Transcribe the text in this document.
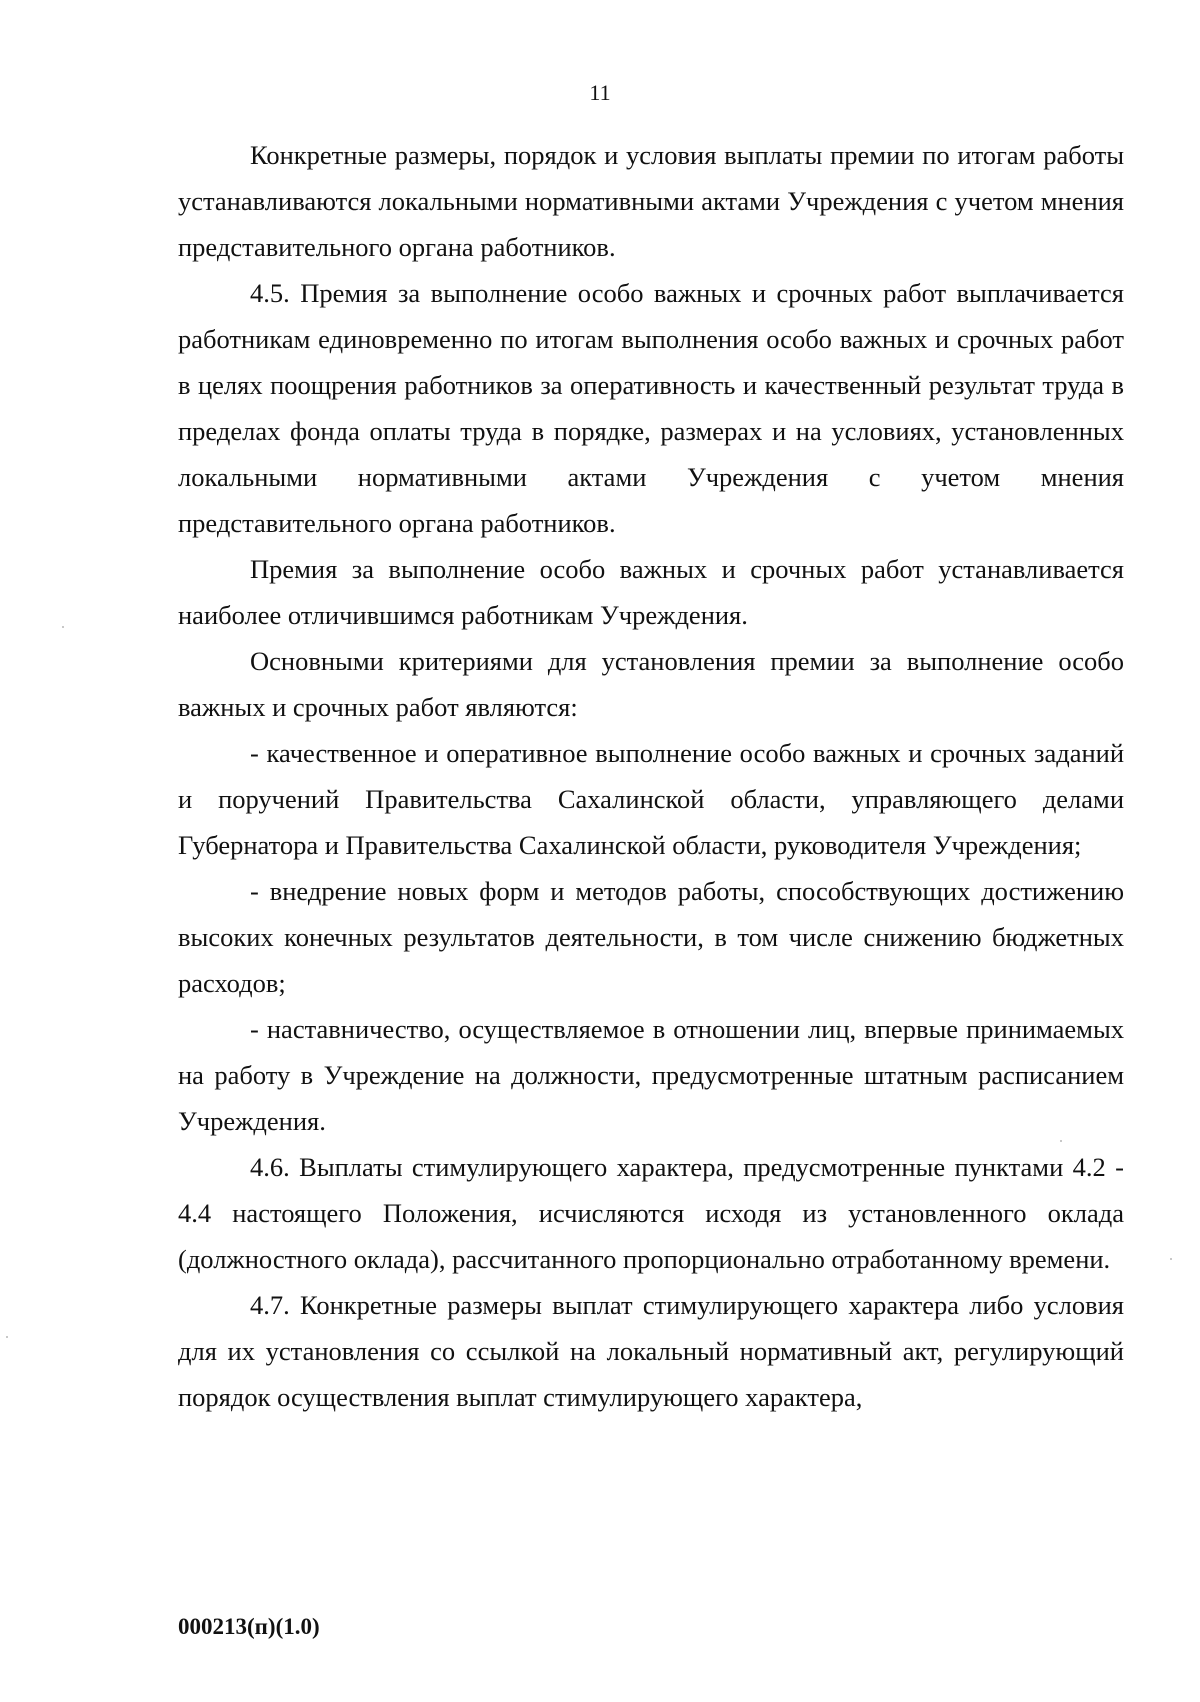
11

Конкретные размеры, порядок и условия выплаты премии по итогам работы устанавливаются локальными нормативными актами Учреждения с учетом мнения представительного органа работников.

4.5. Премия за выполнение особо важных и срочных работ выплачивается работникам единовременно по итогам выполнения особо важных и срочных работ в целях поощрения работников за оперативность и качественный результат труда в пределах фонда оплаты труда в порядке, размерах и на условиях, установленных локальными нормативными актами Учреждения с учетом мнения представительного органа работников.

Премия за выполнение особо важных и срочных работ устанавливается наиболее отличившимся работникам Учреждения.

Основными критериями для установления премии за выполнение особо важных и срочных работ являются:

- качественное и оперативное выполнение особо важных и срочных заданий и поручений Правительства Сахалинской области, управляющего делами Губернатора и Правительства Сахалинской области, руководителя Учреждения;

- внедрение новых форм и методов работы, способствующих достижению высоких конечных результатов деятельности, в том числе снижению бюджетных расходов;

- наставничество, осуществляемое в отношении лиц, впервые принимаемых на работу в Учреждение на должности, предусмотренные штатным расписанием Учреждения.

4.6. Выплаты стимулирующего характера, предусмотренные пунктами 4.2 - 4.4 настоящего Положения, исчисляются исходя из установленного оклада (должностного оклада), рассчитанного пропорционально отработанному времени.

4.7. Конкретные размеры выплат стимулирующего характера либо условия для их установления со ссылкой на локальный нормативный акт, регулирующий порядок осуществления выплат стимулирующего характера,

000213(п)(1.0)
